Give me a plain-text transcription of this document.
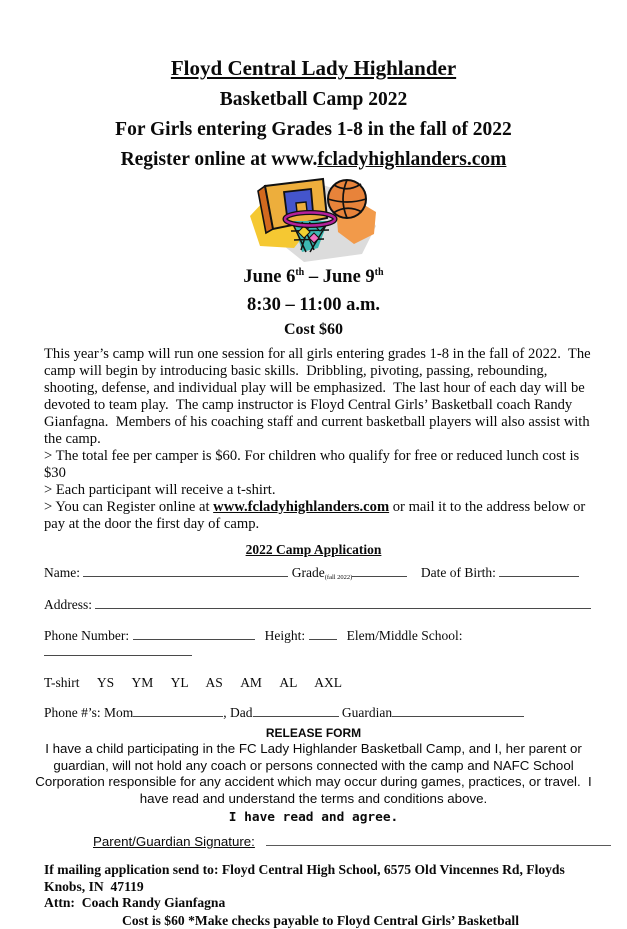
Floyd Central Lady Highlander
Basketball Camp 2022
For Girls entering Grades 1-8 in the fall of 2022
Register online at www.fcladyhighlanders.com
June 6th – June 9th
8:30 – 11:00 a.m.
Cost $60

This year’s camp will run one session for all girls entering grades 1-8 in the fall of 2022.  The camp will begin by introducing basic skills.  Dribbling, pivoting, passing, rebounding, shooting, defense, and individual play will be emphasized.  The last hour of each day will be devoted to team play.  The camp instructor is Floyd Central Girls’ Basketball coach Randy Gianfagna.  Members of his coaching staff and current basketball players will also assist with the camp.

> The total fee per camper is $60. For children who qualify for free or reduced lunch cost is $30

> Each participant will receive a t-shirt.

> You can Register online at www.fcladyhighlanders.com or mail it to the address below or pay at the door the first day of camp.

2022 Camp Application
Name:	Grade(fall 2022)	Date of Birth:
Address:
Phone Number:	Height:	Elem/Middle School:
T-shirt YS YM YL AS AM AL AXL
Phone #’s: Mom	, Dad	Guardian
RELEASE FORM
I have a child participating in the FC Lady Highlander Basketball Camp, and I, her parent or guardian, will not hold any coach or persons connected with the camp and NAFC School Corporation responsible for any accident which may occur during games, practices, or travel.  I have read and understand the terms and conditions above.
I have read and agree.
Parent/Guardian Signature:
If mailing application send to: Floyd Central High School, 6575 Old Vincennes Rd, Floyds Knobs, IN  47119
Attn:  Coach Randy Gianfagna
Cost is $60 *Make checks payable to Floyd Central Girls’ Basketball
